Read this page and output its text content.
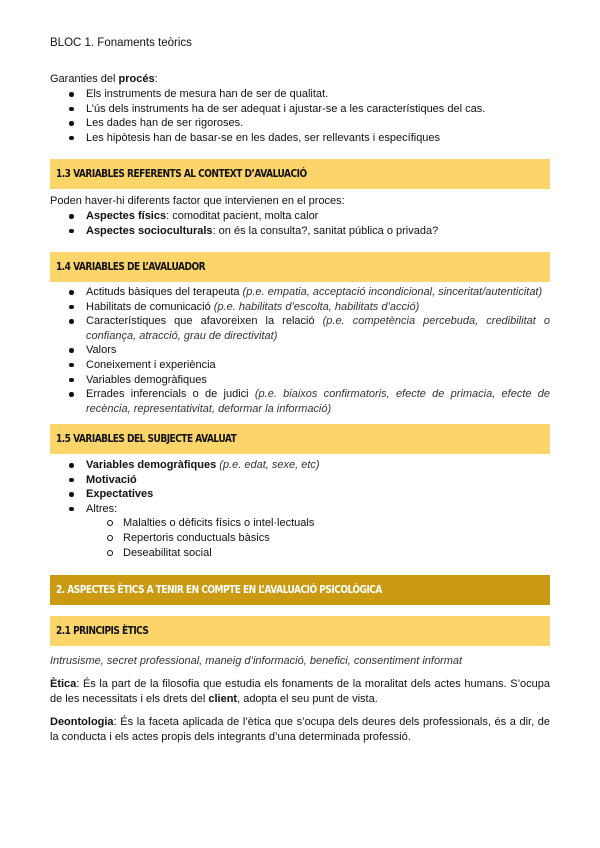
BLOC 1. Fonaments teòrics

Garanties del procés:

Els instruments de mesura han de ser de qualitat.
L’ús dels instruments ha de ser adequat i ajustar-se a les característiques del cas.
Les dades han de ser rigoroses.
Les hipòtesis han de basar-se en les dades, ser rellevants i específiques
1.3 VARIABLES REFERENTS AL CONTEXT D’AVALUACIÓ

Poden haver-hi diferents factor que intervienen en el proces:

Aspectes físics: comoditat pacient, molta calor
Aspectes socioculturals: on és la consulta?, sanitat pública o privada?
1.4 VARIABLES DE L’AVALUADOR
Actituds bàsiques del terapeuta (p.e. empatia, acceptació incondicional, sinceritat/autenticitat)
Habilitats de comunicació (p.e. habilitats d’escolta, habilitats d’acció)
Característiques que afavoreixen la relació (p.e. competència percebuda, credibilitat o confiança, atracció, grau de directivitat)
Valors
Coneixement i experiència
Variables demogràfiques
Errades inferencials o de judici (p.e. biaixos confirmatoris, efecte de primacia, efecte de recència, representativitat, deformar la informació)
1.5 VARIABLES DEL SUBJECTE AVALUAT
Variables demogràfiques (p.e. edat, sexe, etc)
Motivació
Expectatives
Altres:
Malalties o dèficits físics o intel·lectuals
Repertoris conductuals bàsics
Deseabilitat social
2. ASPECTES ÈTICS A TENIR EN COMPTE EN L’AVALUACIÓ PSICOLÒGICA
2.1 PRINCIPIS ÈTICS

Intrusisme, secret professional, maneig d’informació, benefici, consentiment informat

Ètica: És la part de la filosofia que estudia els fonaments de la moralitat dels actes humans. S’ocupa de les necessitats i els drets del client, adopta el seu punt de vista.

Deontologia: És la faceta aplicada de l’ètica que s’ocupa dels deures dels professionals, és a dir, de la conducta i els actes propis dels integrants d’una determinada professió.
